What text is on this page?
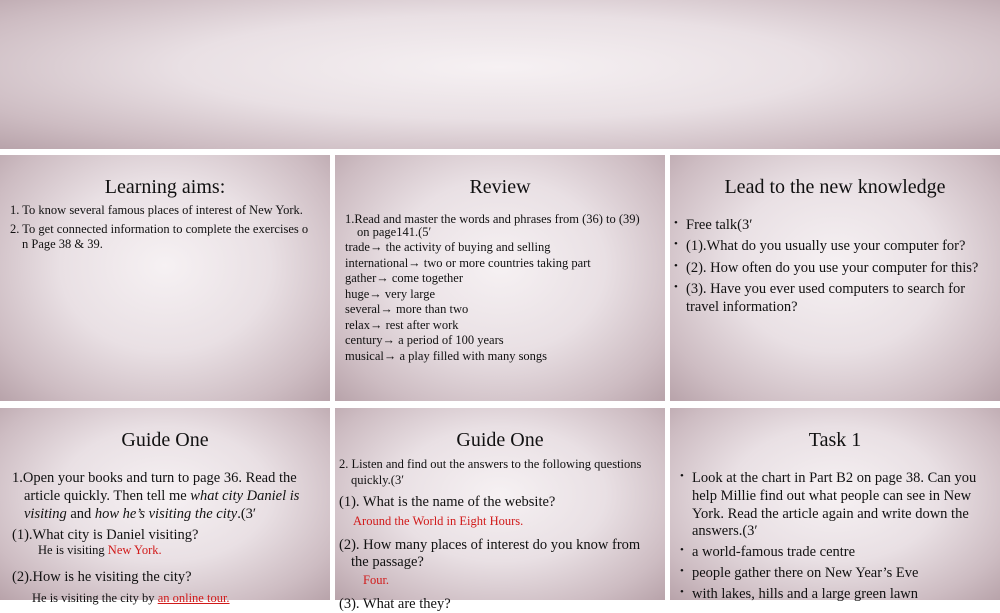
Learning aims:
1. To know several famous places of interest of New York.
2. To get connected information to complete the exercises o
n Page 38 & 39.
Review
1.Read and master the words and phrases from (36) to (39)
on page141.(5′
trade→ the activity of buying and selling
international→ two or more countries taking part
gather→ come together
huge→ very large
several→ more than two
relax→ rest after work
century→ a period of 100 years
musical→ a play filled with many songs
Lead to the new knowledge
• Free talk(3′
• (1).What do you usually use your computer for?
• (2). How often do you use your computer for this?
• (3). Have you ever used computers to search for
travel information?
Guide One
1.Open your books and turn to page 36. Read the
article quickly. Then tell me what city Daniel is
visiting and how he’s visiting the city.(3′
(1).What city is Daniel visiting?
He is visiting New York.
(2).How is he visiting the city?
He is visiting the city by an online tour.
Guide One
2. Listen and find out the answers to the following questions
quickly.(3′
(1). What is the name of the website?
Around the World in Eight Hours.
(2). How many places of interest do you know from
the passage?
Four.
(3). What are they?
Task 1
• Look at the chart in Part B2 on page 38. Can you
help Millie find out what people can see in New
York. Read the article again and write down the
answers.(3′
• a world-famous trade centre
• people gather there on New Year’s Eve
• with lakes, hills and a large green lawn
